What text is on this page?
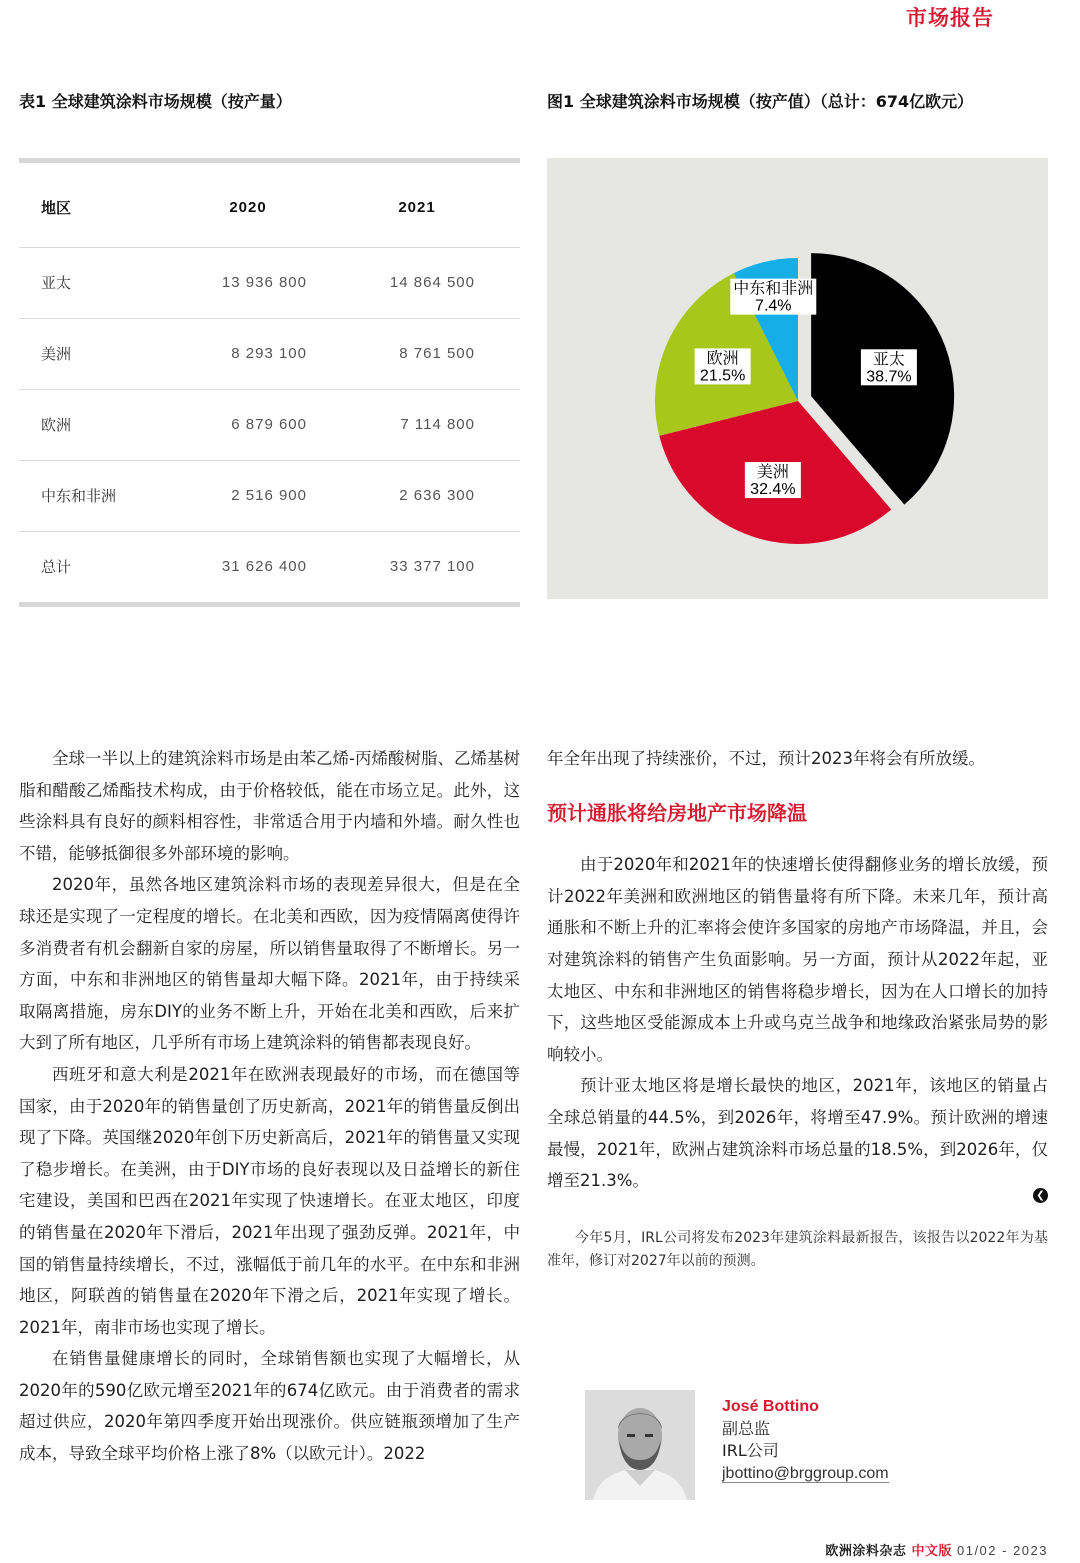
市场报告
表1 全球建筑涂料市场规模（按产量）	图1 全球建筑涂料市场规模（按产值）（总计：674亿欧元）
地区	2020	2021
亚太	13 936 800	14 864 500
美洲	8 293 100	8 761 500
欧洲	6 879 600	7 114 800
中东和非洲	2 516 900	2 636 300
总计	31 626 400	33 377 100
亚太
38.7%
美洲
32.4%
欧洲
21.5%
中东和非洲
7.4%

全球一半以上的建筑涂料市场是由苯乙烯-丙烯酸树脂、乙烯基树脂和醋酸乙烯酯技术构成，由于价格较低，能在市场立足。此外，这些涂料具有良好的颜料相容性，非常适合用于内墙和外墙。耐久性也不错，能够抵御很多外部环境的影响。

2020年，虽然各地区建筑涂料市场的表现差异很大，但是在全球还是实现了一定程度的增长。在北美和西欧，因为疫情隔离使得许多消费者有机会翻新自家的房屋，所以销售量取得了不断增长。另一方面，中东和非洲地区的销售量却大幅下降。2021年，由于持续采取隔离措施，房东DIY的业务不断上升，开始在北美和西欧，后来扩大到了所有地区，几乎所有市场上建筑涂料的销售都表现良好。

西班牙和意大利是2021年在欧洲表现最好的市场，而在德国等国家，由于2020年的销售量创了历史新高，2021年的销售量反倒出现了下降。英国继2020年创下历史新高后，2021年的销售量又实现了稳步增长。在美洲，由于DIY市场的良好表现以及日益增长的新住宅建设，美国和巴西在2021年实现了快速增长。在亚太地区，印度的销售量在2020年下滑后，2021年出现了强劲反弹。2021年，中国的销售量持续增长，不过，涨幅低于前几年的水平。在中东和非洲地区，阿联酋的销售量在2020年下滑之后，2021年实现了增长。2021年，南非市场也实现了增长。

在销售量健康增长的同时，全球销售额也实现了大幅增长，从2020年的590亿欧元增至2021年的674亿欧元。由于消费者的需求超过供应，2020年第四季度开始出现涨价。供应链瓶颈增加了生产成本，导致全球平均价格上涨了8%（以欧元计）。2022

年全年出现了持续涨价，不过，预计2023年将会有所放缓。

预计通胀将给房地产市场降温

由于2020年和2021年的快速增长使得翻修业务的增长放缓，预计2022年美洲和欧洲地区的销售量将有所下降。未来几年，预计高通胀和不断上升的汇率将会使许多国家的房地产市场降温，并且，会对建筑涂料的销售产生负面影响。另一方面，预计从2022年起，亚太地区、中东和非洲地区的销售将稳步增长，因为在人口增长的加持下，这些地区受能源成本上升或乌克兰战争和地缘政治紧张局势的影响较小。

预计亚太地区将是增长最快的地区，2021年，该地区的销量占全球总销量的44.5%，到2026年，将增至47.9%。预计欧洲的增速最慢，2021年，欧洲占建筑涂料市场总量的18.5%，到2026年，仅增至21.3%。

❮

今年5月，IRL公司将发布2023年建筑涂料最新报告，该报告以2022年为基准年，修订对2027年以前的预测。

José Bottino
副总监
IRL公司
jbottino@brggroup.com
欧洲涂料杂志 中文版 01/02 - 2023
